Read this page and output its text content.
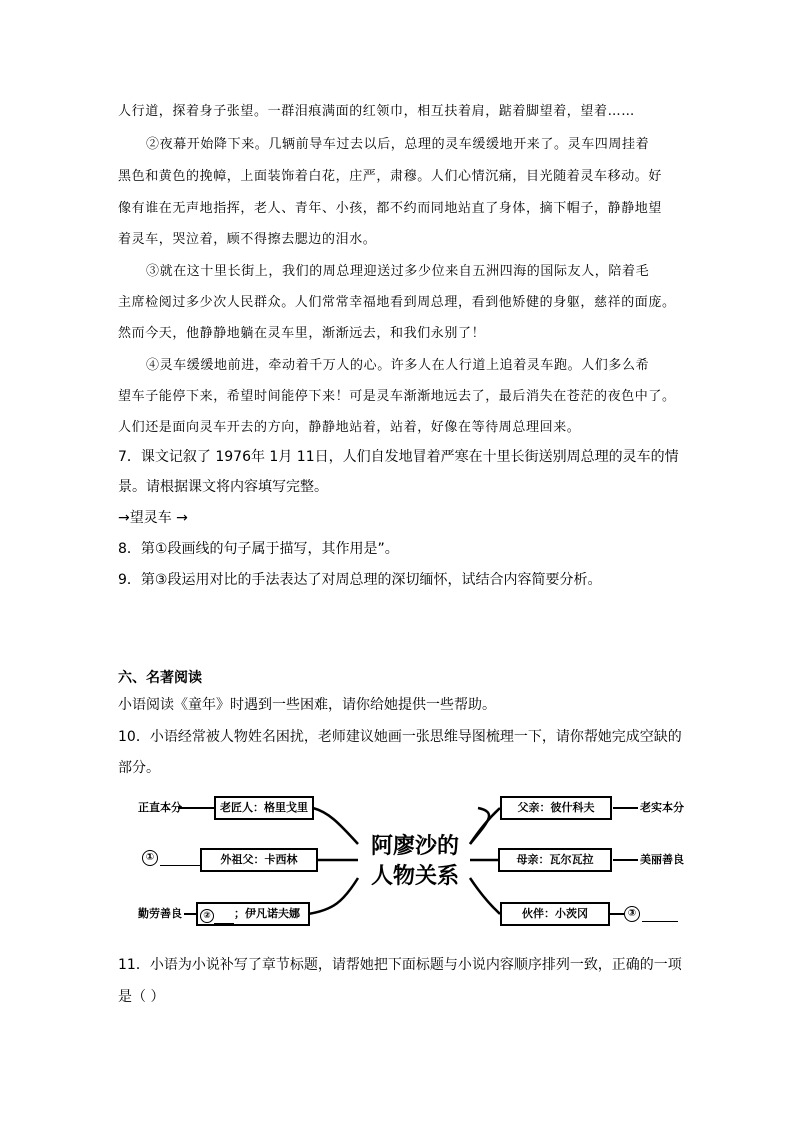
人行道，探着身子张望。一群泪痕满面的红领巾，相互扶着肩，踮着脚望着，望着……
②夜幕开始降下来。几辆前导车过去以后，总理的灵车缓缓地开来了。灵车四周挂着
黑色和黄色的挽幛，上面装饰着白花，庄严，肃穆。人们心情沉痛，目光随着灵车移动。好
像有谁在无声地指挥，老人、青年、小孩，都不约而同地站直了身体，摘下帽子，静静地望
着灵车，哭泣着，顾不得擦去腮边的泪水。
③就在这十里长街上，我们的周总理迎送过多少位来自五洲四海的国际友人，陪着毛
主席检阅过多少次人民群众。人们常常幸福地看到周总理，看到他矫健的身躯，慈祥的面庞。
然而今天，他静静地躺在灵车里，渐渐远去，和我们永别了！
④灵车缓缓地前进，牵动着千万人的心。许多人在人行道上追着灵车跑。人们多么希
望车子能停下来，希望时间能停下来！可是灵车渐渐地远去了，最后消失在苍茫的夜色中了。
人们还是面向灵车开去的方向，静静地站着，站着，好像在等待周总理回来。
7．课文记叙了 1976年 1月 11日，人们自发地冒着严寒在十里长街送别周总理的灵车的情
景。请根据课文将内容填写完整。
→望灵车 →
8．第①段画线的句子属于描写，其作用是”。
9．第③段运用对比的手法表达了对周总理的深切缅怀，试结合内容简要分析。
六、名著阅读
小语阅读《童年》时遇到一些困难，请你给她提供一些帮助。
10．小语经常被人物姓名困扰，老师建议她画一张思维导图梳理一下，请你帮她完成空缺的
部分。
正直本分	老匠人：格里戈里
①	外祖父：卡西林
勤劳善良	② ；伊凡诺夫娜
阿廖沙的
人物关系
父亲：彼什科夫	老实本分
母亲：瓦尔瓦拉	美丽善良
伙伴：小茨冈	③
11．小语为小说补写了章节标题，请帮她把下面标题与小说内容顺序排列一致，正确的一项
是（ ）
